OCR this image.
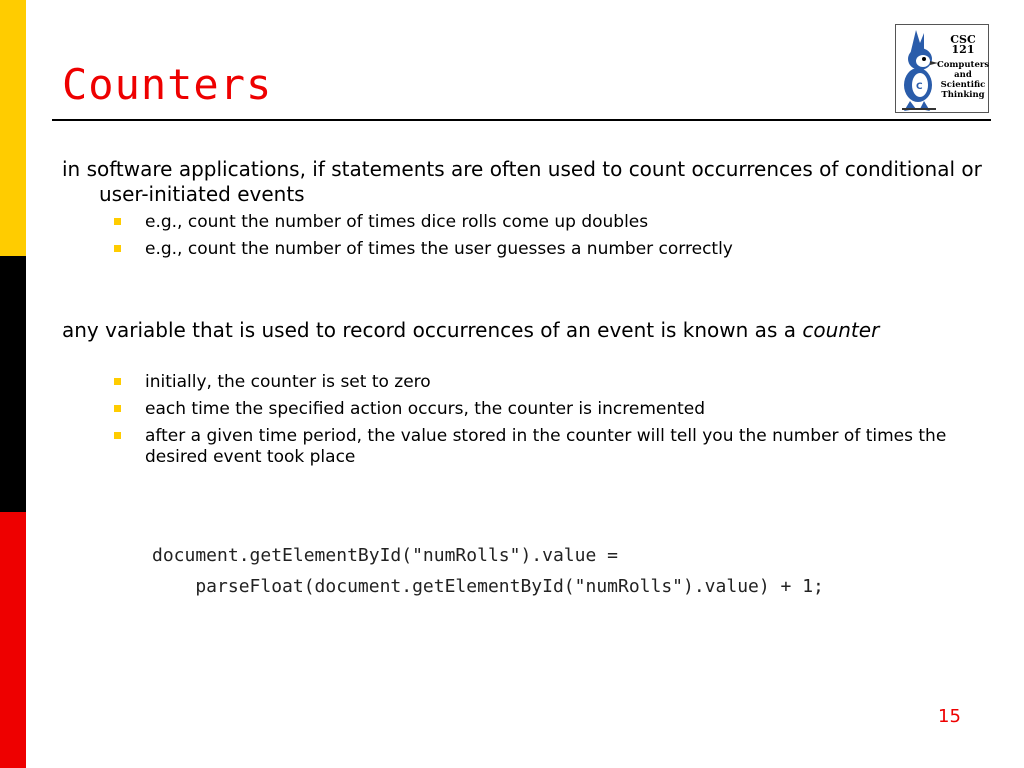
Counters	C
CSC 121
Computers
and
Scientific
Thinking
in software applications, if statements are often used to count occurrences of conditional or user-initiated events
e.g., count the number of times dice rolls come up doubles
e.g., count the number of times the user guesses a number correctly
any variable that is used to record occurrences of an event is known as a counter
initially, the counter is set to zero
each time the specified action occurs, the counter is incremented
after a given time period, the value stored in the counter will tell you the number of times the desired event took place
document.getElementById("numRolls").value =
parseFloat(document.getElementById("numRolls").value) + 1;
15
